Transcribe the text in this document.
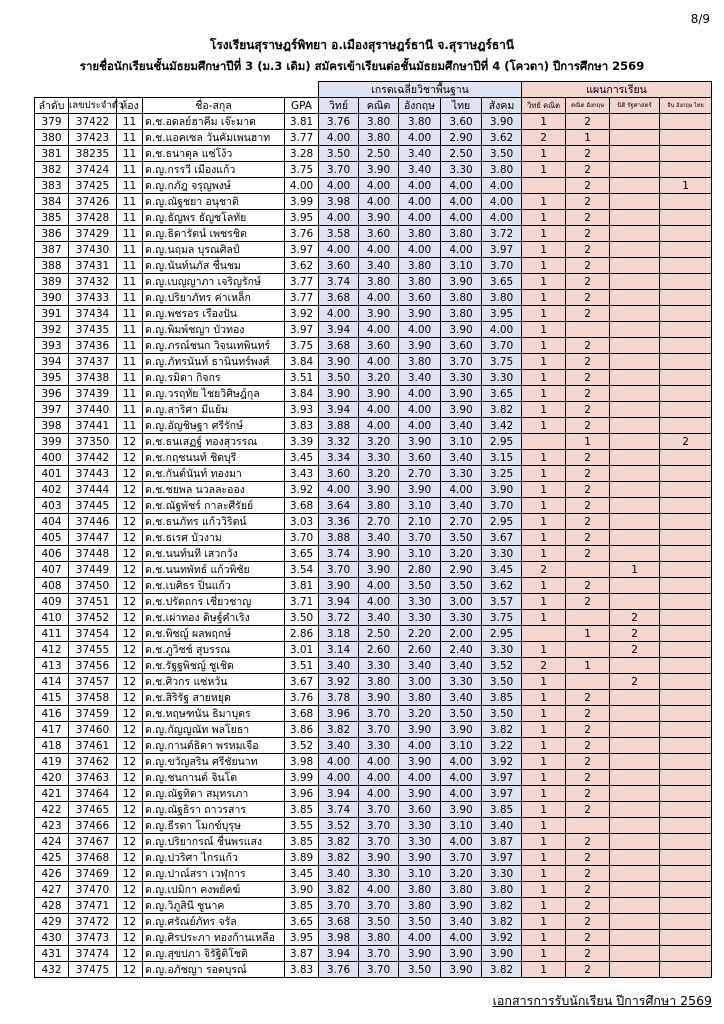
8/9
โรงเรียนสุราษฎร์พิทยา อ.เมืองสุราษฎร์ธานี จ.สุราษฎร์ธานี
รายชื่อนักเรียนชั้นมัธยมศึกษาปีที่ 3 (ม.3 เดิม) สมัครเข้าเรียนต่อชั้นมัธยมศึกษาปีที่ 4 (โควตา) ปีการศึกษา 2569
					เกรดเฉลี่ยวิชาพื้นฐาน					แผนการเรียน			
ลำดับ	เลขประจำตัว	ห้อง	ชื่อ-สกุล	GPA	วิทย์	คณิต	อังกฤษ	ไทย	สังคม	วิทย์ คณิต	คณิต อังกฤษ	นิติ รัฐศาสตร์	จีน อังกฤษ ไทย
379	37422	11	ด.ช.อดลย์ฮาคีม เจ๊ะมาด	3.81	3.76	3.80	3.80	3.60	3.90	1	2		
380	37423	11	ด.ช.แอคเซล วันคัมเพนฮาท	3.77	4.00	3.80	4.00	2.90	3.62	2	1		
381	38235	11	ด.ช.ธนาดุล แซ่โง้ว	3.28	3.50	2.50	3.40	2.50	3.50	1	2		
382	37424	11	ด.ญ.กรรวี เมืองแก้ว	3.75	3.70	3.90	3.40	3.30	3.80	1	2		
383	37425	11	ด.ญ.กภัฎ จรุญพงษ์	4.00	4.00	4.00	4.00	4.00	4.00		2		1
384	37426	11	ด.ญ.ณัฐชยา อนุชาติ	3.99	3.98	4.00	4.00	4.00	4.00	1	2		
385	37428	11	ด.ญ.ธัญพร ธัญชโลทัย	3.95	4.00	3.90	4.00	4.00	4.00	1	2		
386	37429	11	ด.ญ.ธิดารัตน์ เพชรชิต	3.76	3.58	3.60	3.80	3.80	3.72	1	2		
387	37430	11	ด.ญ.นฤมล บุรณศิลป์	3.97	4.00	4.00	4.00	4.00	3.97	1	2		
388	37431	11	ด.ญ.นันท์นภัส ชื่นชม	3.62	3.60	3.40	3.80	3.10	3.70	1	2		
389	37432	11	ด.ญ.เบญญาภา เจริญรักษ์	3.77	3.74	3.80	3.80	3.90	3.65	1	2		
390	37433	11	ด.ญ.ปริยาภัทร ค่าเหล็ก	3.77	3.68	4.00	3.60	3.80	3.80	1	2		
391	37434	11	ด.ญ.พชรอร เรืองปัน	3.92	4.00	3.90	3.90	3.80	3.95	1	2		
392	37435	11	ด.ญ.พิมพ์ชญา บัวทอง	3.97	3.94	4.00	4.00	3.90	4.00	1			
393	37436	11	ด.ญ.ภรณ์ชนก วิจนเทพินทร์	3.75	3.68	3.60	3.90	3.60	3.70	1	2		
394	37437	11	ด.ญ.ภัทรนันท์ ธานินทร์พงศ์	3.84	3.90	4.00	3.80	3.70	3.75	1	2		
395	37438	11	ด.ญ.รมิดา กิจกร	3.51	3.50	3.20	3.40	3.30	3.30	1	2		
396	37439	11	ด.ญ.วรฤทัย ไชยวิศิษฎ์กุล	3.84	3.90	3.90	4.00	3.90	3.65	1	2		
397	37440	11	ด.ญ.สาริศา มีแย้ม	3.93	3.94	4.00	4.00	3.90	3.82	1	2		
398	37441	11	ด.ญ.อัญชิษฐา ศรีรักษ์	3.83	3.88	4.00	4.00	3.40	3.42	1	2		
399	37350	12	ด.ช.ธนเสฏฐ์ ทองสุวรรณ	3.39	3.32	3.20	3.90	3.10	2.95		1		2
400	37442	12	ด.ช.กฤชนนท์ ชิดบุรี	3.45	3.34	3.30	3.60	3.40	3.15	1	2		
401	37443	12	ด.ช.กันต์นันท์ ทองมา	3.43	3.60	3.20	2.70	3.30	3.25	1	2		
402	37444	12	ด.ช.ชยพล นวลละออง	3.92	4.00	3.90	3.90	4.00	3.90	1	2		
403	37445	12	ด.ช.ณัฐพัชร์ กาละศีรัยย์	3.68	3.64	3.80	3.10	3.40	3.70	1	2		
404	37446	12	ด.ช.ธนภัทร แก้ววิริตน์	3.03	3.36	2.70	2.10	2.70	2.95	1	2		
405	37447	12	ด.ช.ธเรศ บัวงาม	3.70	3.88	3.40	3.70	3.50	3.67	1	2		
406	37448	12	ด.ช.นนท์นที เสวกวัง	3.65	3.74	3.90	3.10	3.20	3.30	1	2		
407	37449	12	ด.ช.นนทพัทธ์ แก้วพิชัย	3.54	3.70	3.90	2.80	2.90	3.45	2		1	
408	37450	12	ด.ช.เบศิธร ปิ่นแก้ว	3.81	3.90	4.00	3.50	3.50	3.62	1	2		
409	37451	12	ด.ช.ปรัตถกร เชี่ยวชาญ	3.71	3.94	4.00	3.30	3.00	3.57	1	2		
410	37452	12	ด.ช.เผ่าทอง ดิษฐ์คำเริง	3.50	3.72	3.40	3.30	3.30	3.75	1		2	
411	37454	12	ด.ช.พิชญ์ ผลพฤกษ์	2.86	3.18	2.50	2.20	2.00	2.95		1	2	
412	37455	12	ด.ช.ภูวิชช์ สุบรรณ	3.01	3.14	2.60	2.60	2.40	3.30	1		2	
413	37456	12	ด.ช.รัฐฐพิชญ์ ชูเชิด	3.51	3.40	3.30	3.40	3.40	3.52	2	1		
414	37457	12	ด.ช.ศิวกร แซ่หวัน	3.67	3.92	3.80	3.00	3.30	3.50	1		2	
415	37458	12	ด.ช.สิริรัฐ สายหยุด	3.76	3.78	3.90	3.80	3.40	3.85	1	2		
416	37459	12	ด.ช.หฤษฑนัน ธิมาบุตร	3.68	3.96	3.70	3.20	3.50	3.50	1	2		
417	37460	12	ด.ญ.กัญญณัท พลโยธา	3.86	3.82	3.70	3.90	3.90	3.82	1	2		
418	37461	12	ด.ญ.กานต์ธิดา พรหมเจือ	3.52	3.40	3.30	4.00	3.10	3.22	1	2		
419	37462	12	ด.ญ.ขวัญสริน ศรีชัยนาท	3.98	4.00	4.00	3.90	4.00	3.92	1	2		
420	37463	12	ด.ญ.ชนกานต์ จินโต	3.99	4.00	4.00	4.00	4.00	3.97	1	2		
421	37464	12	ด.ญ.ณัฐทิดา สมุทรเภา	3.96	3.94	4.00	3.90	4.00	3.97	1	2		
422	37465	12	ด.ญ.ณัฐธิรา ถาวรสาร	3.85	3.74	3.70	3.60	3.90	3.85	1	2		
423	37466	12	ด.ญ.ธีรดา โมกข์บุรุษ	3.55	3.52	3.70	3.30	3.10	3.40	1			
424	37467	12	ด.ญ.ปริยากรณ์ ชื่นพรแสง	3.85	3.82	3.70	3.30	4.00	3.87	1	2		
425	37468	12	ด.ญ.ปวริศา ไกรแก้ว	3.89	3.82	3.90	3.90	3.70	3.97	1	2		
426	37469	12	ด.ญ.ปาณ์สรา เวฬุการ	3.45	3.40	3.30	3.10	3.20	3.30	1	2		
427	37470	12	ด.ญ.เปมิกา คงพยัคฆ์	3.90	3.82	4.00	3.80	3.80	3.80	1	2		
428	37471	12	ด.ญ.วิภูสินี ชูนาค	3.85	3.70	3.70	3.80	3.90	3.82	1	2		
429	37472	12	ด.ญ.ศรัณย์ภัทร จรัล	3.65	3.68	3.50	3.50	3.40	3.82	1	2		
430	37473	12	ด.ญ.ศิรประภา ทองก้านเหลือ	3.95	3.98	3.80	4.00	4.00	3.92	1	2		
431	37474	12	ด.ญ.สุขปภา จิรัฐิติโชติ	3.87	3.94	3.70	3.90	3.90	3.90	1	2		
432	37475	12	ด.ญ.อภัชญา รอดบุรณ์	3.83	3.76	3.70	3.50	3.90	3.82	1	2		
เอกสารการรับนักเรียน ปีการศึกษา 2569
